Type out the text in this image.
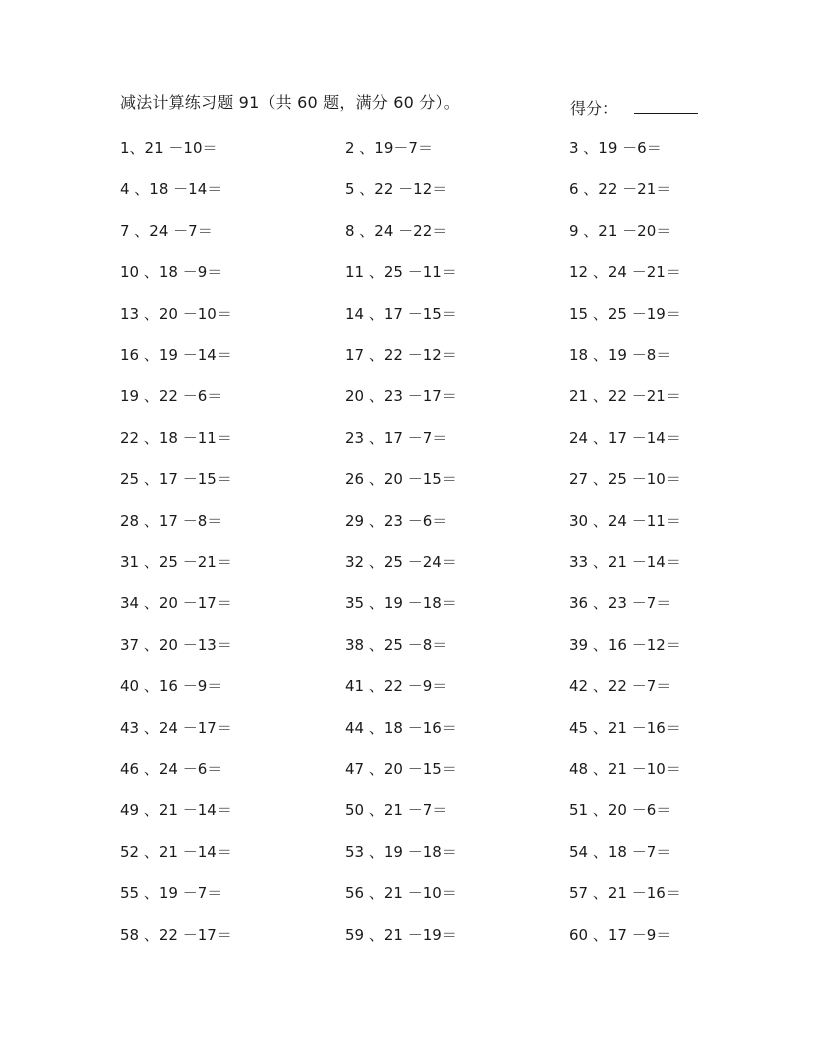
减法计算练习题 91（共 60 题，满分 60 分）。	得分：
1、21 －10＝	2 、19－7＝	3 、19 －6＝
4 、18 －14＝	5 、22 －12＝	6 、22 －21＝
7 、24 －7＝	8 、24 －22＝	9 、21 －20＝
10 、18 －9＝	11 、25 －11＝	12 、24 －21＝
13 、20 －10＝	14 、17 －15＝	15 、25 －19＝
16 、19 －14＝	17 、22 －12＝	18 、19 －8＝
19 、22 －6＝	20 、23 －17＝	21 、22 －21＝
22 、18 －11＝	23 、17 －7＝	24 、17 －14＝
25 、17 －15＝	26 、20 －15＝	27 、25 －10＝
28 、17 －8＝	29 、23 －6＝	30 、24 －11＝
31 、25 －21＝	32 、25 －24＝	33 、21 －14＝
34 、20 －17＝	35 、19 －18＝	36 、23 －7＝
37 、20 －13＝	38 、25 －8＝	39 、16 －12＝
40 、16 －9＝	41 、22 －9＝	42 、22 －7＝
43 、24 －17＝	44 、18 －16＝	45 、21 －16＝
46 、24 －6＝	47 、20 －15＝	48 、21 －10＝
49 、21 －14＝	50 、21 －7＝	51 、20 －6＝
52 、21 －14＝	53 、19 －18＝	54 、18 －7＝
55 、19 －7＝	56 、21 －10＝	57 、21 －16＝
58 、22 －17＝	59 、21 －19＝	60 、17 －9＝
